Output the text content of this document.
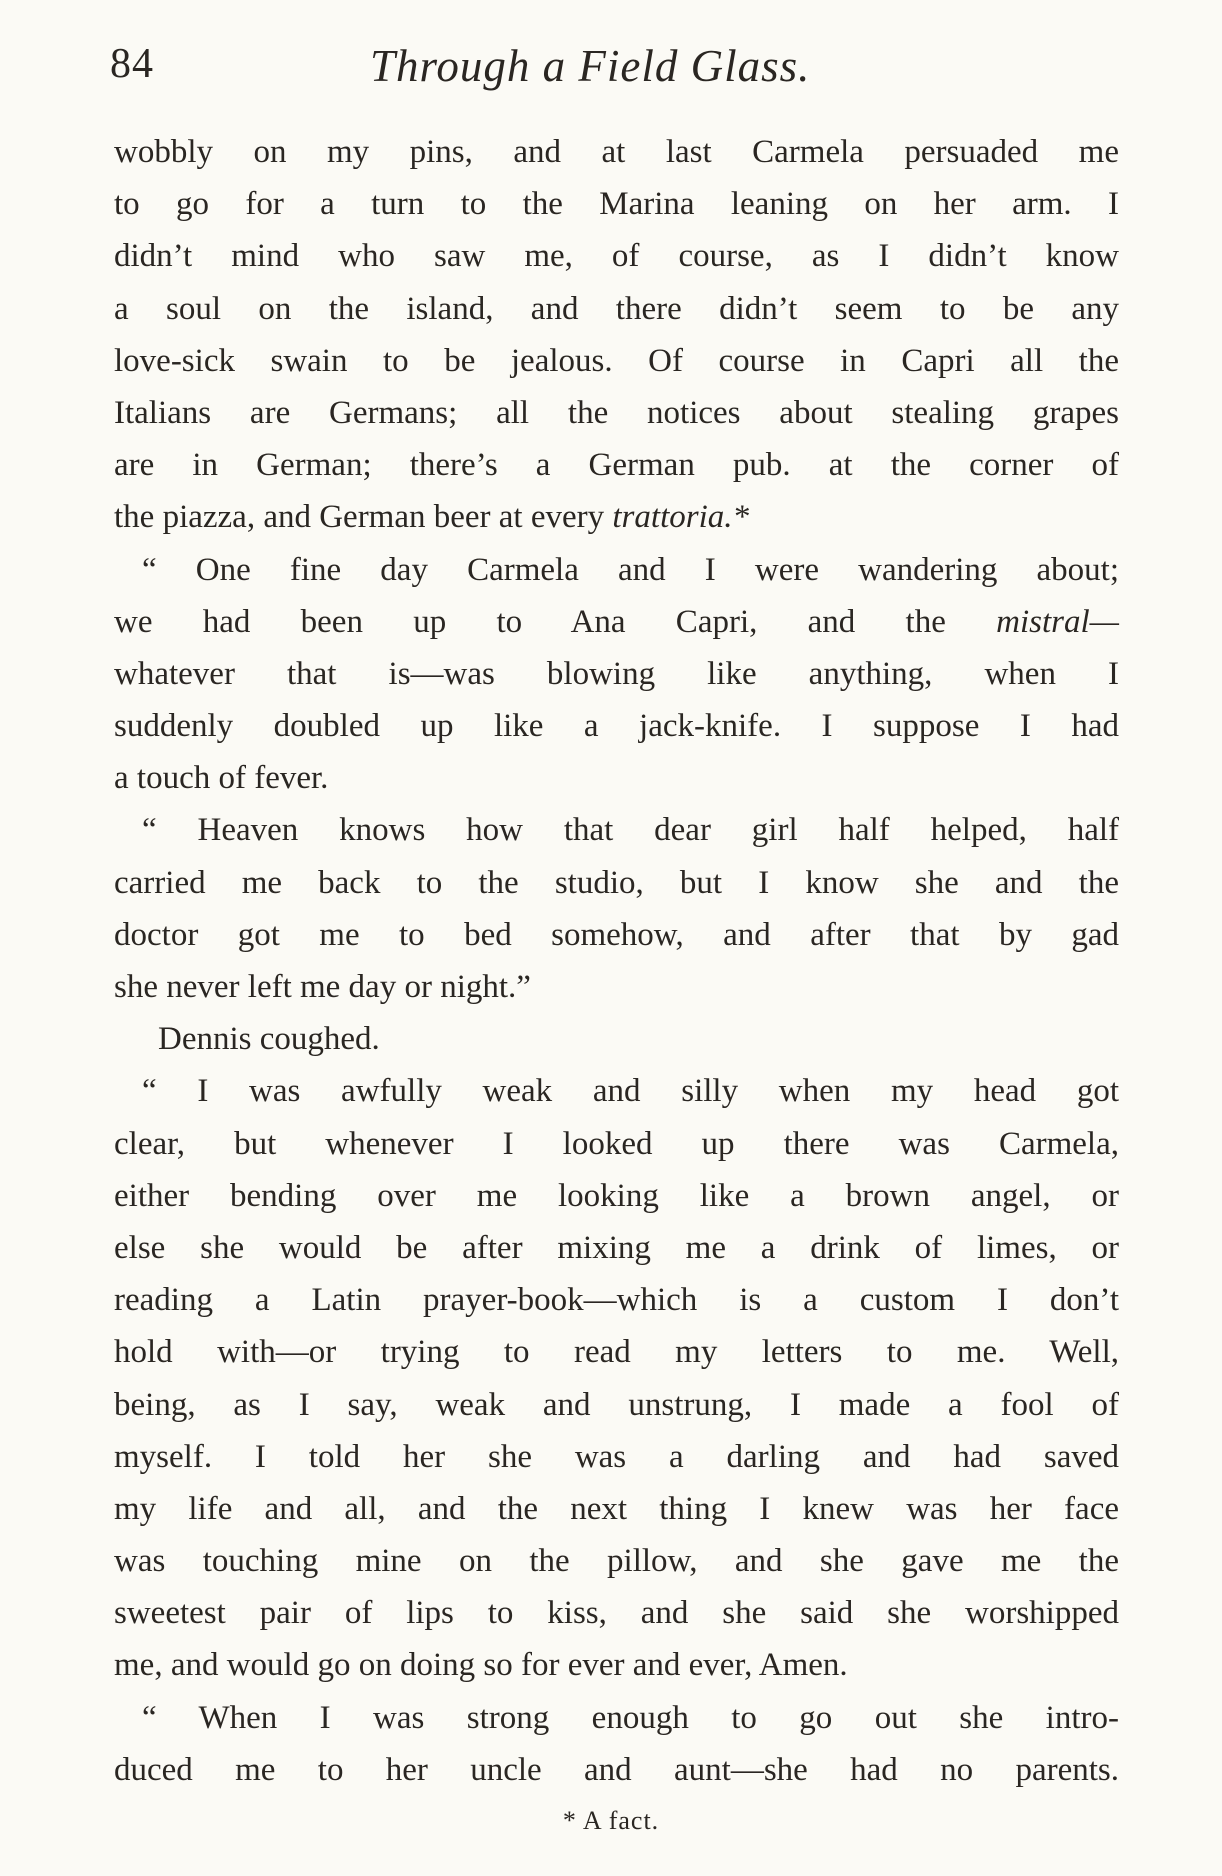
84	Through a Field Glass.
wobbly on my pins, and at last Carmela persuaded me
to go for a turn to the Marina leaning on her arm. I
didn’t mind who saw me, of course, as I didn’t know
a soul on the island, and there didn’t seem to be any
love-sick swain to be jealous. Of course in Capri all the
Italians are Germans; all the notices about stealing grapes
are in German; there’s a German pub. at the corner of
the piazza, and German beer at every trattoria.*
“ One fine day Carmela and I were wandering about;
we had been up to Ana Capri, and the mistral—
whatever that is—was blowing like anything, when I
suddenly doubled up like a jack-knife. I suppose I had
a touch of fever.
“ Heaven knows how that dear girl half helped, half
carried me back to the studio, but I know she and the
doctor got me to bed somehow, and after that by gad
she never left me day or night.”
Dennis coughed.
“ I was awfully weak and silly when my head got
clear, but whenever I looked up there was Carmela,
either bending over me looking like a brown angel, or
else she would be after mixing me a drink of limes, or
reading a Latin prayer-book—which is a custom I don’t
hold with—or trying to read my letters to me. Well,
being, as I say, weak and unstrung, I made a fool of
myself. I told her she was a darling and had saved
my life and all, and the next thing I knew was her face
was touching mine on the pillow, and she gave me the
sweetest pair of lips to kiss, and she said she worshipped
me, and would go on doing so for ever and ever, Amen.
“ When I was strong enough to go out she intro-
duced me to her uncle and aunt—she had no parents.
* A fact.
